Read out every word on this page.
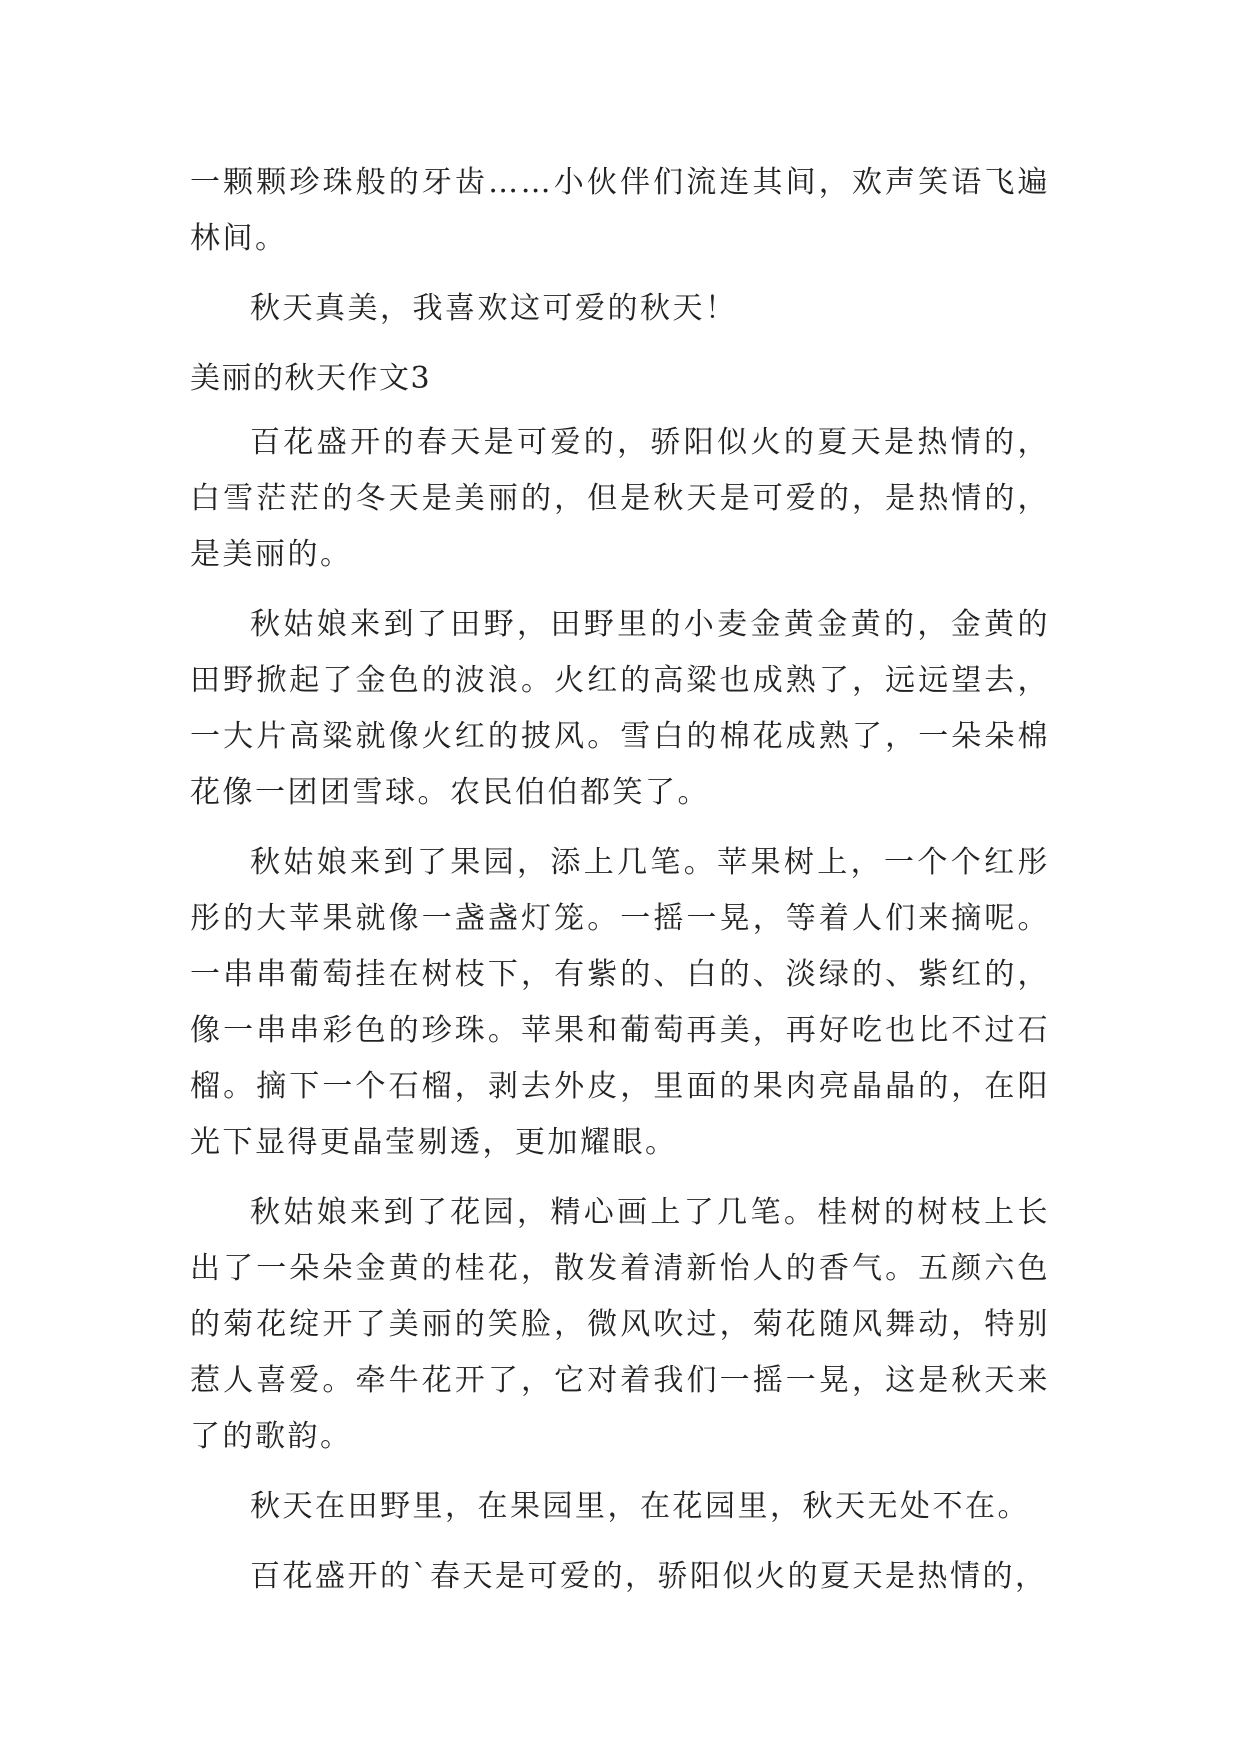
一颗颗珍珠般的牙齿……小伙伴们流连其间，欢声笑语飞遍林间。

秋天真美，我喜欢这可爱的秋天！

美丽的秋天作文3

百花盛开的春天是可爱的，骄阳似火的夏天是热情的，白雪茫茫的冬天是美丽的，但是秋天是可爱的，是热情的，是美丽的。

秋姑娘来到了田野，田野里的小麦金黄金黄的，金黄的田野掀起了金色的波浪。火红的高粱也成熟了，远远望去，一大片高粱就像火红的披风。雪白的棉花成熟了，一朵朵棉花像一团团雪球。农民伯伯都笑了。

秋姑娘来到了果园，添上几笔。苹果树上，一个个红彤彤的大苹果就像一盏盏灯笼。一摇一晃，等着人们来摘呢。一串串葡萄挂在树枝下，有紫的、白的、淡绿的、紫红的，像一串串彩色的珍珠。苹果和葡萄再美，再好吃也比不过石榴。摘下一个石榴，剥去外皮，里面的果肉亮晶晶的，在阳光下显得更晶莹剔透，更加耀眼。

秋姑娘来到了花园，精心画上了几笔。桂树的树枝上长出了一朵朵金黄的桂花，散发着清新怡人的香气。五颜六色的菊花绽开了美丽的笑脸，微风吹过，菊花随风舞动，特别惹人喜爱。牵牛花开了，它对着我们一摇一晃，这是秋天来了的歌韵。

秋天在田野里，在果园里，在花园里，秋天无处不在。

百花盛开的`春天是可爱的，骄阳似火的夏天是热情的，
